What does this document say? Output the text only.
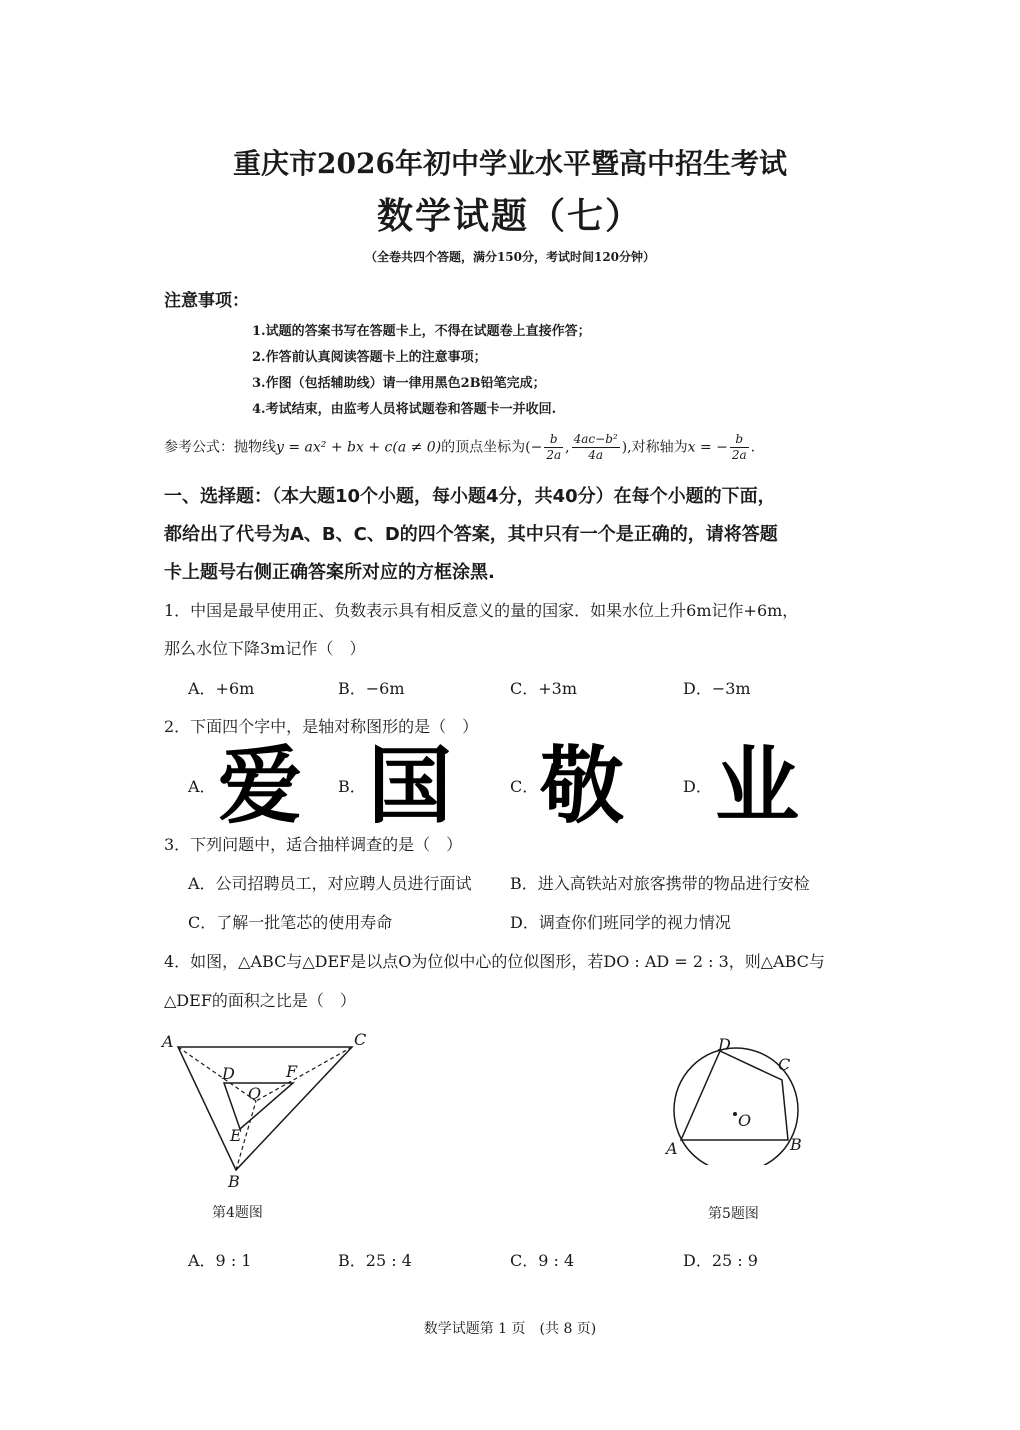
重庆市2026年初中学业水平暨高中招生考试
数学试题（七）
（全卷共四个答题，满分150分，考试时间120分钟）
注意事项：
1.试题的答案书写在答题卡上，不得在试题卷上直接作答；
2.作答前认真阅读答题卡上的注意事项；
3.作图（包括辅助线）请一律用黑色2B铅笔完成；
4.考试结束，由监考人员将试题卷和答题卡一并收回.
参考公式：抛物线y = ax² + bx + c(a ≠ 0)的顶点坐标为(− $\frac{b}{2a}$ , $\frac{\text{4ac−b²}}{4a}$ ),对称轴为x = − $\frac{b}{2a}$ .
一、选择题：（本大题10个小题，每小题4分，共40分）在每个小题的下面，
都给出了代号为A、B、C、D的四个答案，其中只有一个是正确的，请将答题
卡上题号右侧正确答案所对应的方框涂黑.
1．中国是最早使用正、负数表示具有相反意义的量的国家．如果水位上升6m记作+6m，
那么水位下降3m记作（　）
A．+6m	B．−6m	C．+3m	D．−3m
2．下面四个字中，是轴对称图形的是（　）
A． 爱 B． 国	C． 敬	D． 业
3．下列问题中，适合抽样调查的是（　）
A．公司招聘员工，对应聘人员进行面试 B．进入高铁站对旅客携带的物品进行安检
C．了解一批笔芯的使用寿命	D．调查你们班同学的视力情况
4．如图，△ABC与△DEF是以点O为位似中心的位似图形，若DO : AD = 2 : 3，则△ABC与
△DEF的面积之比是（　）
A	C
D	F
O
E
B
第4题图
D
C
O
A	B
第5题图
A．9 : 1	B．25 : 4	C．9 : 4	D．25 : 9
数学试题第 1 页　(共 8 页)
